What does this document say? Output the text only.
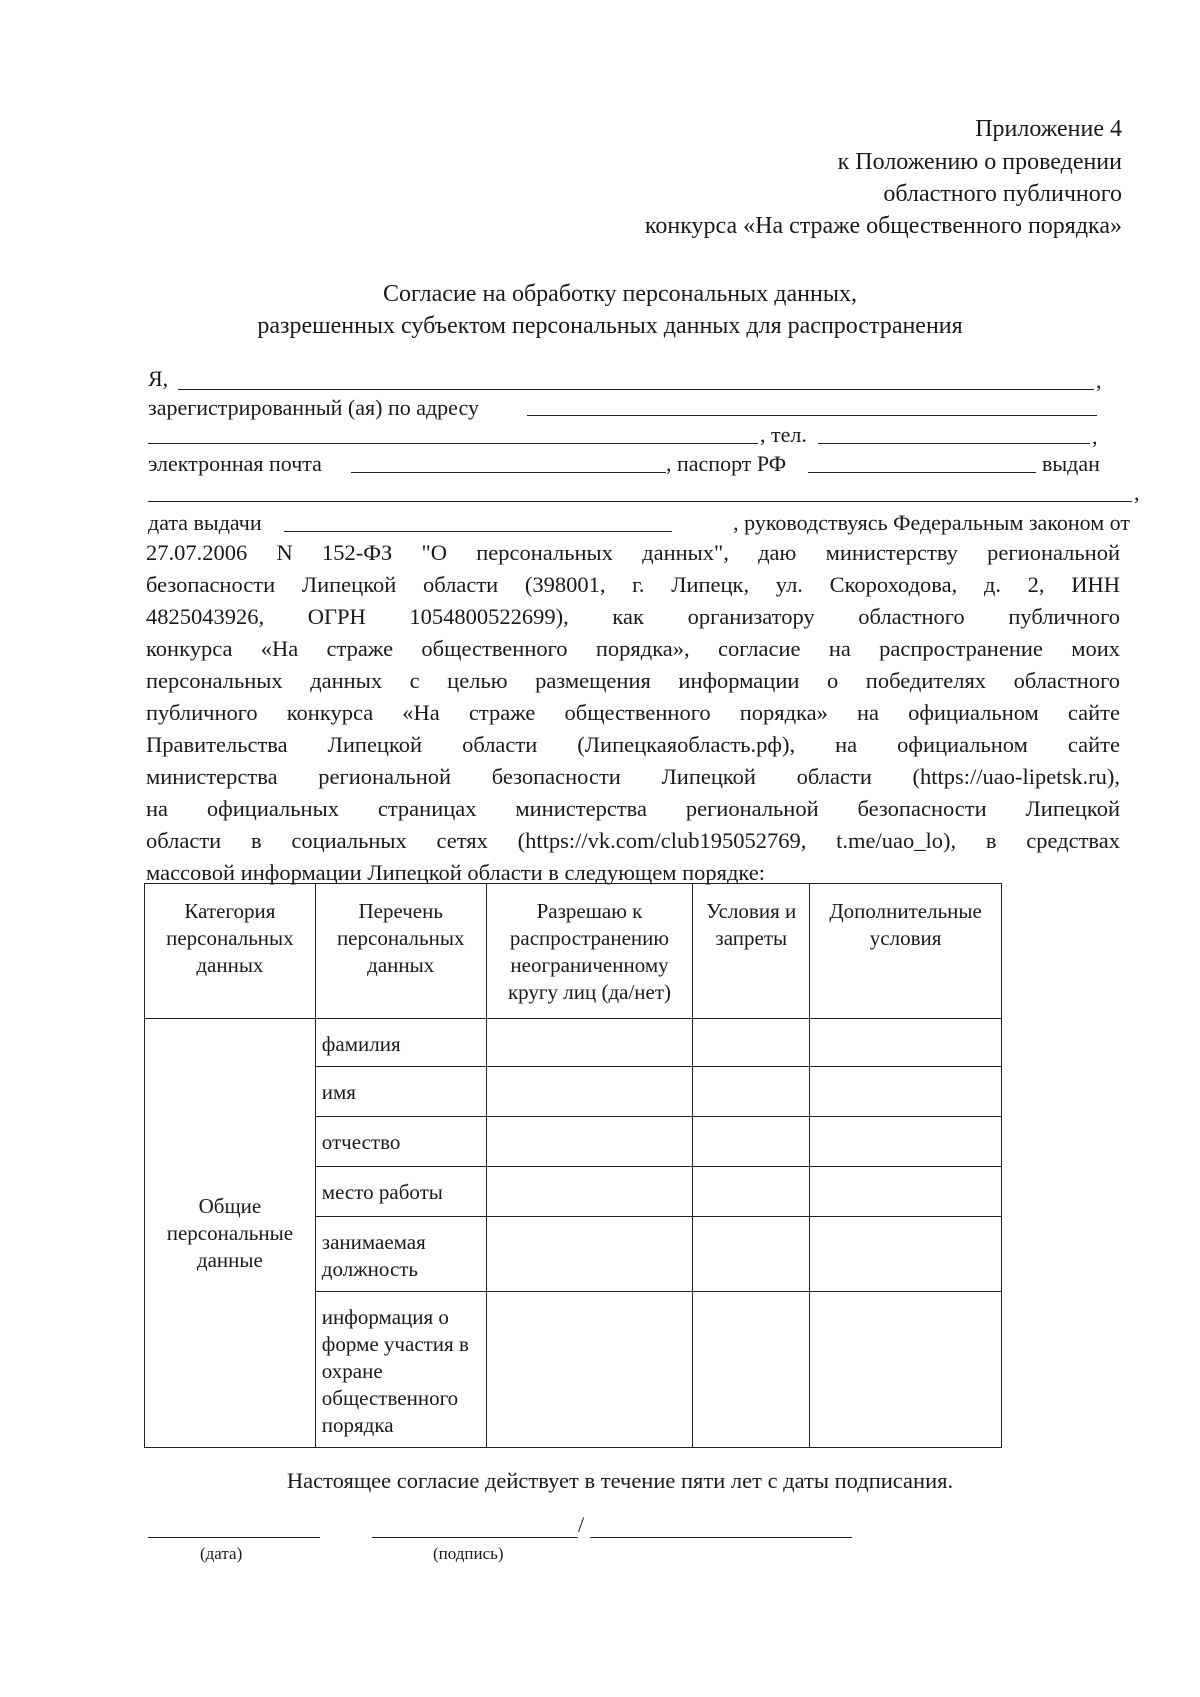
Приложение 4
к Положению о проведении
областного публичного
конкурса «На страже общественного порядка»
Согласие на обработку персональных данных,
разрешенных субъектом персональных данных для распространения
Я,	,
зарегистрированный (ая) по адресу
, тел.	,
электронная почта	, паспорт РФ	выдан
,
дата выдачи	, руководствуясь Федеральным законом от
27.07.2006 N 152-ФЗ "О персональных данных", даю министерству региональной
безопасности Липецкой области (398001, г. Липецк, ул. Скороходова, д. 2, ИНН
4825043926, ОГРН 1054800522699), как организатору областного публичного
конкурса «На страже общественного порядка», согласие на распространение моих
персональных данных с целью размещения информации о победителях областного
публичного конкурса «На страже общественного порядка» на официальном сайте
Правительства Липецкой области (Липецкаяобласть.рф), на официальном сайте
министерства региональной безопасности Липецкой области (https://uao-lipetsk.ru),
на официальных страницах министерства региональной безопасности Липецкой
области в социальных сетях (https://vk.com/club195052769, t.me/uao_lo), в средствах
массовой информации Липецкой области в следующем порядке:
Категория персональных данных	Перечень персональных данных	Разрешаю к распространению неограниченному кругу лиц (да/нет)	Условия и запреты	Дополнительные условия
Общие персональные данные	фамилия			
	имя			
	отчество			
	место работы			
	занимаемая должность			
	информация о форме участия в охране общественного порядка			
Настоящее согласие действует в течение пяти лет с даты подписания.
/
(дата)	(подпись)
